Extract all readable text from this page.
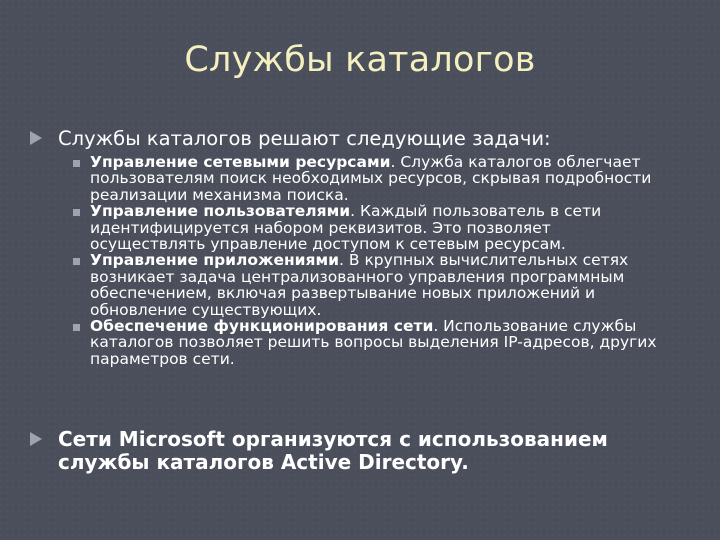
Службы каталогов
Службы каталогов решают следующие задачи:
Управление сетевыми ресурсами. Служба каталогов облегчает пользователям поиск необходимых ресурсов, скрывая подробности реализации механизма поиска.
Управление пользователями. Каждый пользователь в сети идентифицируется набором реквизитов. Это позволяет осуществлять управление доступом к сетевым ресурсам.
Управление приложениями. В крупных вычислительных сетях возникает задача централизованного управления программным обеспечением, включая развертывание новых приложений и обновление существующих.
Обеспечение функционирования сети. Использование службы каталогов позволяет решить вопросы выделения IP-адресов, других параметров сети.
Сети Microsoft организуются с использованием службы каталогов Active Directory.
